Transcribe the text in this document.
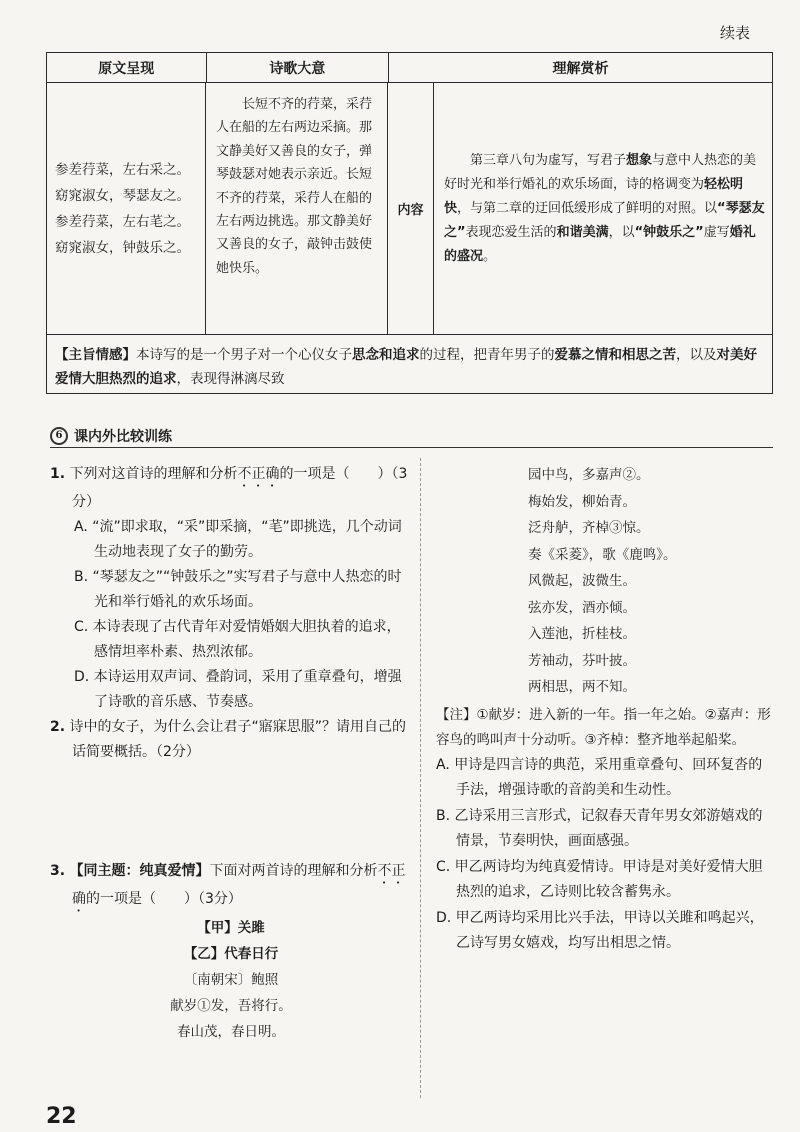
续表
原文呈现	诗歌大意	理解赏析
参差荇菜，左右采之。
窈窕淑女，琴瑟友之。
参差荇菜，左右芼之。
窈窕淑女，钟鼓乐之。
长短不齐的荇菜，采荇人在船的左右两边采摘。那文静美好又善良的女子，弹琴鼓瑟对她表示亲近。长短不齐的荇菜，采荇人在船的左右两边挑选。那文静美好又善良的女子，敲钟击鼓使她快乐。
内容

第三章八句为虚写，写君子想象与意中人热恋的美好时光和举行婚礼的欢乐场面，诗的格调变为轻松明快，与第二章的迂回低缓形成了鲜明的对照。以“琴瑟友之”表现恋爱生活的和谐美满，以“钟鼓乐之”虚写婚礼的盛况。

【主旨情感】本诗写的是一个男子对一个心仪女子思念和追求的过程，把青年男子的爱慕之情和相思之苦，以及对美好爱情大胆热烈的追求，表现得淋漓尽致
6 课内外比较训练
1. 下列对这首诗的理解和分析不正确的一项是（　　）（3分）
A. “流”即求取，“采”即采摘，“芼”即挑选，几个动词生动地表现了女子的勤劳。
B. “琴瑟友之”“钟鼓乐之”实写君子与意中人热恋的时光和举行婚礼的欢乐场面。
C. 本诗表现了古代青年对爱情婚姻大胆执着的追求，感情坦率朴素、热烈浓郁。
D. 本诗运用双声词、叠韵词，采用了重章叠句，增强了诗歌的音乐感、节奏感。
2. 诗中的女子，为什么会让君子“寤寐思服”？请用自己的话简要概括。（2分）
3. 【同主题：纯真爱情】下面对两首诗的理解和分析不正确的一项是（　　）（3分）
【甲】关雎
【乙】代春日行
〔南朝宋〕鲍照
献岁①发，吾将行。
春山茂，春日明。
园中鸟，多嘉声②。
梅始发，柳始青。
泛舟舻，齐棹③惊。
奏《采菱》，歌《鹿鸣》。
风微起，波微生。
弦亦发，酒亦倾。
入莲池，折桂枝。
芳袖动，芬叶披。
两相思，两不知。
【注】①献岁：进入新的一年。指一年之始。②嘉声：形容鸟的鸣叫声十分动听。③齐棹：整齐地举起船桨。
A. 甲诗是四言诗的典范，采用重章叠句、回环复沓的手法，增强诗歌的音韵美和生动性。
B. 乙诗采用三言形式，记叙春天青年男女郊游嬉戏的情景，节奏明快，画面感强。
C. 甲乙两诗均为纯真爱情诗。甲诗是对美好爱情大胆热烈的追求，乙诗则比较含蓄隽永。
D. 甲乙两诗均采用比兴手法，甲诗以关雎和鸣起兴，乙诗写男女嬉戏，均写出相思之情。
22
